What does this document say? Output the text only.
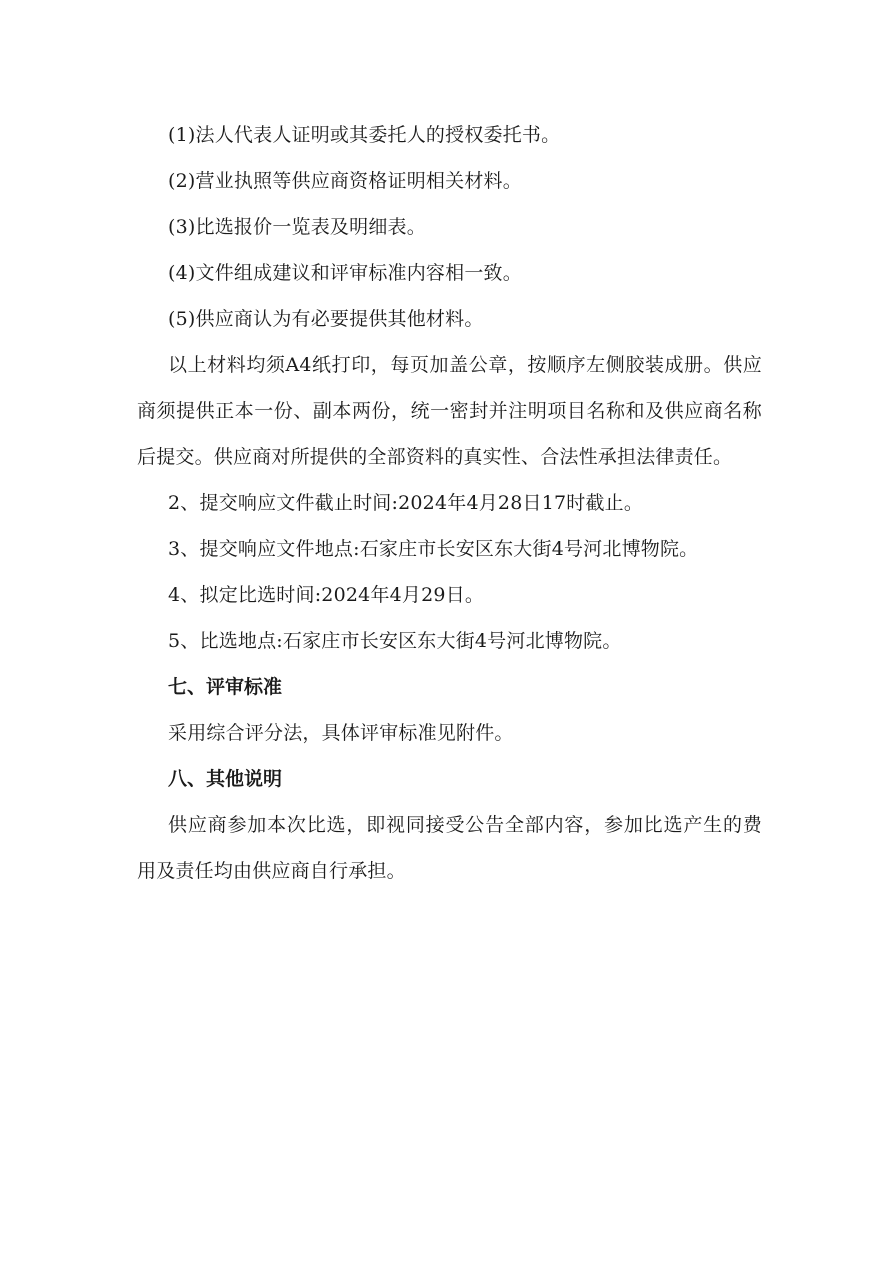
(1)法人代表人证明或其委托人的授权委托书。
(2)营业执照等供应商资格证明相关材料。
(3)比选报价一览表及明细表。
(4)文件组成建议和评审标准内容相一致。
(5)供应商认为有必要提供其他材料。
以上材料均须A4纸打印，每页加盖公章，按顺序左侧胶装成册。供应商须提供正本一份、副本两份，统一密封并注明项目名称和及供应商名称后提交。供应商对所提供的全部资料的真实性、合法性承担法律责任。
2、提交响应文件截止时间:2024年4月28日17时截止。
3、提交响应文件地点:石家庄市长安区东大街4号河北博物院。
4、拟定比选时间:2024年4月29日。
5、比选地点:石家庄市长安区东大街4号河北博物院。
七、评审标准
采用综合评分法，具体评审标准见附件。
八、其他说明
供应商参加本次比选，即视同接受公告全部内容，参加比选产生的费用及责任均由供应商自行承担。
